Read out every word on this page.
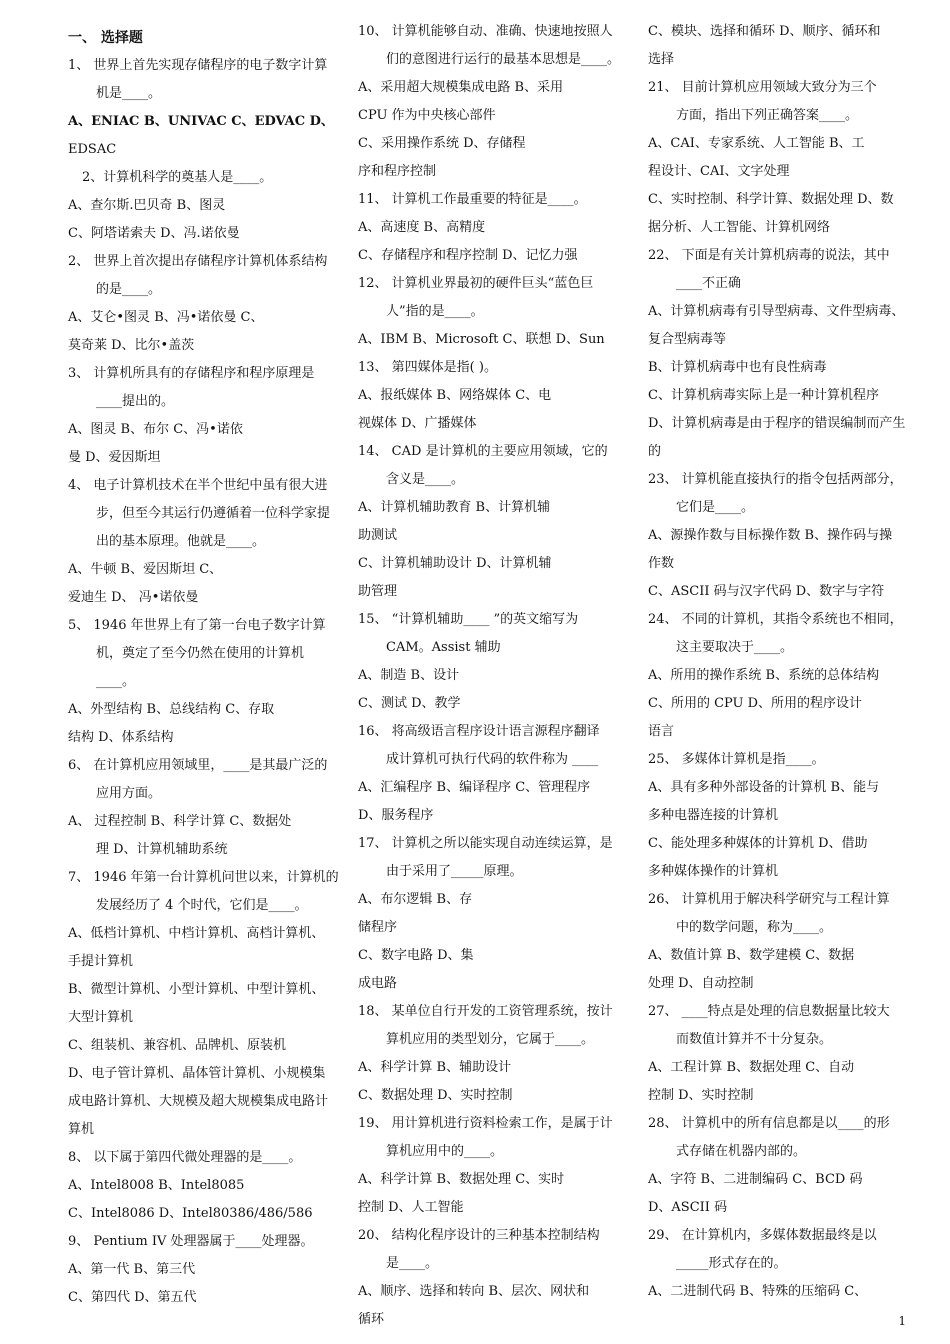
一、 选择题
1、 世界上首先实现存储程序的电子数字计算
机是____。
A、ENIAC B、UNIVAC C、EDVAC D、
EDSAC
2、计算机科学的奠基人是____。
A、查尔斯.巴贝奇 B、图灵
C、阿塔诺索夫 D、冯.诺依曼
2、 世界上首次提出存储程序计算机体系结构
的是____。
A、艾仑•图灵 B、冯•诺依曼 C、
莫奇莱 D、比尔•盖茨
3、 计算机所具有的存储程序和程序原理是
____提出的。
A、图灵 B、布尔 C、冯•诺依
曼 D、爱因斯坦
4、 电子计算机技术在半个世纪中虽有很大进
步，但至今其运行仍遵循着一位科学家提
出的基本原理。他就是____。
A、牛顿 B、爱因斯坦 C、
爱迪生 D、 冯•诺依曼
5、 1946 年世界上有了第一台电子数字计算
机，奠定了至今仍然在使用的计算机
____。
A、外型结构 B、总线结构 C、存取
结构 D、体系结构
6、 在计算机应用领域里，____是其最广泛的
应用方面。
A、 过程控制 B、科学计算 C、数据处
理 D、计算机辅助系统
7、 1946 年第一台计算机问世以来，计算机的
发展经历了 4 个时代，它们是____。
A、低档计算机、中档计算机、高档计算机、
手提计算机
B、微型计算机、小型计算机、中型计算机、
大型计算机
C、组装机、兼容机、品牌机、原装机
D、电子管计算机、晶体管计算机、小规模集
成电路计算机、大规模及超大规模集成电路计
算机
8、 以下属于第四代微处理器的是____。
A、Intel8008 B、Intel8085
C、Intel8086 D、Intel80386/486/586
9、 Pentium IV 处理器属于____处理器。
A、第一代 B、第三代
C、第四代 D、第五代
10、 计算机能够自动、准确、快速地按照人
们的意图进行运行的最基本思想是____。
A、采用超大规模集成电路 B、采用
CPU 作为中央核心部件
C、采用操作系统 D、存储程
序和程序控制
11、 计算机工作最重要的特征是____。
A、高速度 B、高精度
C、存储程序和程序控制 D、记忆力强
12、 计算机业界最初的硬件巨头“蓝色巨
人”指的是____。
A、IBM B、Microsoft C、联想 D、Sun
13、 第四媒体是指( )。
A、报纸媒体 B、网络媒体 C、电
视媒体 D、广播媒体
14、 CAD 是计算机的主要应用领域，它的
含义是____。
A、计算机辅助教育 B、计算机辅
助测试
C、计算机辅助设计 D、计算机辅
助管理
15、 “计算机辅助____ ”的英文缩写为
CAM。Assist 辅助
A、制造 B、设计
C、测试 D、教学
16、 将高级语言程序设计语言源程序翻译
成计算机可执行代码的软件称为 ____
A、汇编程序 B、编译程序 C、管理程序
D、服务程序
17、 计算机之所以能实现自动连续运算，是
由于采用了_____原理。
A、布尔逻辑 B、存
储程序
C、数字电路 D、集
成电路
18、 某单位自行开发的工资管理系统，按计
算机应用的类型划分，它属于____。
A、科学计算 B、辅助设计
C、数据处理 D、实时控制
19、 用计算机进行资料检索工作，是属于计
算机应用中的____。
A、科学计算 B、数据处理 C、实时
控制 D、人工智能
20、 结构化程序设计的三种基本控制结构
是____。
A、顺序、选择和转向 B、层次、网状和
循环
C、模块、选择和循环 D、顺序、循环和
选择
21、 目前计算机应用领域大致分为三个
方面，指出下列正确答案____。
A、CAI、专家系统、人工智能 B、工
程设计、CAI、文字处理
C、实时控制、科学计算、数据处理 D、数
据分析、人工智能、计算机网络
22、 下面是有关计算机病毒的说法，其中
____不正确
A、计算机病毒有引导型病毒、文件型病毒、
复合型病毒等
B、计算机病毒中也有良性病毒
C、计算机病毒实际上是一种计算机程序
D、计算机病毒是由于程序的错误编制而产生
的
23、 计算机能直接执行的指令包括两部分，
它们是____。
A、源操作数与目标操作数 B、操作码与操
作数
C、ASCII 码与汉字代码 D、数字与字符
24、 不同的计算机，其指令系统也不相同，
这主要取决于____。
A、所用的操作系统 B、系统的总体结构
C、所用的 CPU D、所用的程序设计
语言
25、 多媒体计算机是指____。
A、具有多种外部设备的计算机 B、能与
多种电器连接的计算机
C、能处理多种媒体的计算机 D、借助
多种媒体操作的计算机
26、 计算机用于解决科学研究与工程计算
中的数学问题，称为____。
A、数值计算 B、数学建模 C、数据
处理 D、自动控制
27、 ____特点是处理的信息数据量比较大
而数值计算并不十分复杂。
A、工程计算 B、数据处理 C、自动
控制 D、实时控制
28、 计算机中的所有信息都是以____的形
式存储在机器内部的。
A、字符 B、二进制编码 C、BCD 码
D、ASCII 码
29、 在计算机内，多媒体数据最终是以
_____形式存在的。
A、二进制代码 B、特殊的压缩码 C、
1
